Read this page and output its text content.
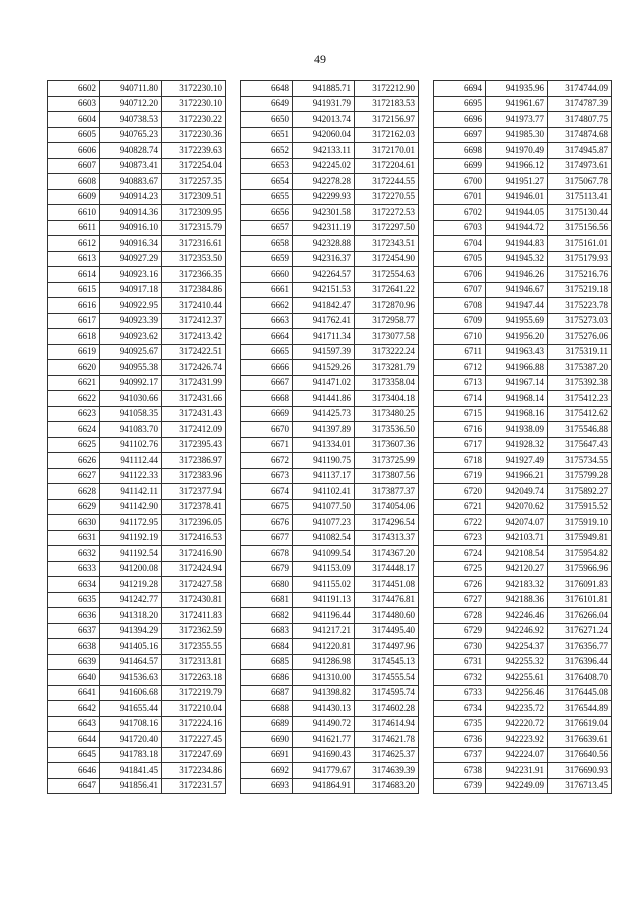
49
6602	940711.80	3172230.10
6603	940712.20	3172230.10
6604	940738.53	3172230.22
6605	940765.23	3172230.36
6606	940828.74	3172239.63
6607	940873.41	3172254.04
6608	940883.67	3172257.35
6609	940914.23	3172309.51
6610	940914.36	3172309.95
6611	940916.10	3172315.79
6612	940916.34	3172316.61
6613	940927.29	3172353.50
6614	940923.16	3172366.35
6615	940917.18	3172384.86
6616	940922.95	3172410.44
6617	940923.39	3172412.37
6618	940923.62	3172413.42
6619	940925.67	3172422.51
6620	940955.38	3172426.74
6621	940992.17	3172431.99
6622	941030.66	3172431.66
6623	941058.35	3172431.43
6624	941083.70	3172412.09
6625	941102.76	3172395.43
6626	941112.44	3172386.97
6627	941122.33	3172383.96
6628	941142.11	3172377.94
6629	941142.90	3172378.41
6630	941172.95	3172396.05
6631	941192.19	3172416.53
6632	941192.54	3172416.90
6633	941200.08	3172424.94
6634	941219.28	3172427.58
6635	941242.77	3172430.81
6636	941318.20	3172411.83
6637	941394.29	3172362.59
6638	941405.16	3172355.55
6639	941464.57	3172313.81
6640	941536.63	3172263.18
6641	941606.68	3172219.79
6642	941655.44	3172210.04
6643	941708.16	3172224.16
6644	941720.40	3172227.45
6645	941783.18	3172247.69
6646	941841.45	3172234.86
6647	941856.41	3172231.57
6648	941885.71	3172212.90
6649	941931.79	3172183.53
6650	942013.74	3172156.97
6651	942060.04	3172162.03
6652	942133.11	3172170.01
6653	942245.02	3172204.61
6654	942278.28	3172244.55
6655	942299.93	3172270.55
6656	942301.58	3172272.53
6657	942311.19	3172297.50
6658	942328.88	3172343.51
6659	942316.37	3172454.90
6660	942264.57	3172554.63
6661	942151.53	3172641.22
6662	941842.47	3172870.96
6663	941762.41	3172958.77
6664	941711.34	3173077.58
6665	941597.39	3173222.24
6666	941529.26	3173281.79
6667	941471.02	3173358.04
6668	941441.86	3173404.18
6669	941425.73	3173480.25
6670	941397.89	3173536.50
6671	941334.01	3173607.36
6672	941190.75	3173725.99
6673	941137.17	3173807.56
6674	941102.41	3173877.37
6675	941077.50	3174054.06
6676	941077.23	3174296.54
6677	941082.54	3174313.37
6678	941099.54	3174367.20
6679	941153.09	3174448.17
6680	941155.02	3174451.08
6681	941191.13	3174476.81
6682	941196.44	3174480.60
6683	941217.21	3174495.40
6684	941220.81	3174497.96
6685	941286.98	3174545.13
6686	941310.00	3174555.54
6687	941398.82	3174595.74
6688	941430.13	3174602.28
6689	941490.72	3174614.94
6690	941621.77	3174621.78
6691	941690.43	3174625.37
6692	941779.67	3174639.39
6693	941864.91	3174683.20
6694	941935.96	3174744.09
6695	941961.67	3174787.39
6696	941973.77	3174807.75
6697	941985.30	3174874.68
6698	941970.49	3174945.87
6699	941966.12	3174973.61
6700	941951.27	3175067.78
6701	941946.01	3175113.41
6702	941944.05	3175130.44
6703	941944.72	3175156.56
6704	941944.83	3175161.01
6705	941945.32	3175179.93
6706	941946.26	3175216.76
6707	941946.67	3175219.18
6708	941947.44	3175223.78
6709	941955.69	3175273.03
6710	941956.20	3175276.06
6711	941963.43	3175319.11
6712	941966.88	3175387.20
6713	941967.14	3175392.38
6714	941968.14	3175412.23
6715	941968.16	3175412.62
6716	941938.09	3175546.88
6717	941928.32	3175647.43
6718	941927.49	3175734.55
6719	941966.21	3175799.28
6720	942049.74	3175892.27
6721	942070.62	3175915.52
6722	942074.07	3175919.10
6723	942103.71	3175949.81
6724	942108.54	3175954.82
6725	942120.27	3175966.96
6726	942183.32	3176091.83
6727	942188.36	3176101.81
6728	942246.46	3176266.04
6729	942246.92	3176271.24
6730	942254.37	3176356.77
6731	942255.32	3176396.44
6732	942255.61	3176408.70
6733	942256.46	3176445.08
6734	942235.72	3176544.89
6735	942220.72	3176619.04
6736	942223.92	3176639.61
6737	942224.07	3176640.56
6738	942231.91	3176690.93
6739	942249.09	3176713.45
